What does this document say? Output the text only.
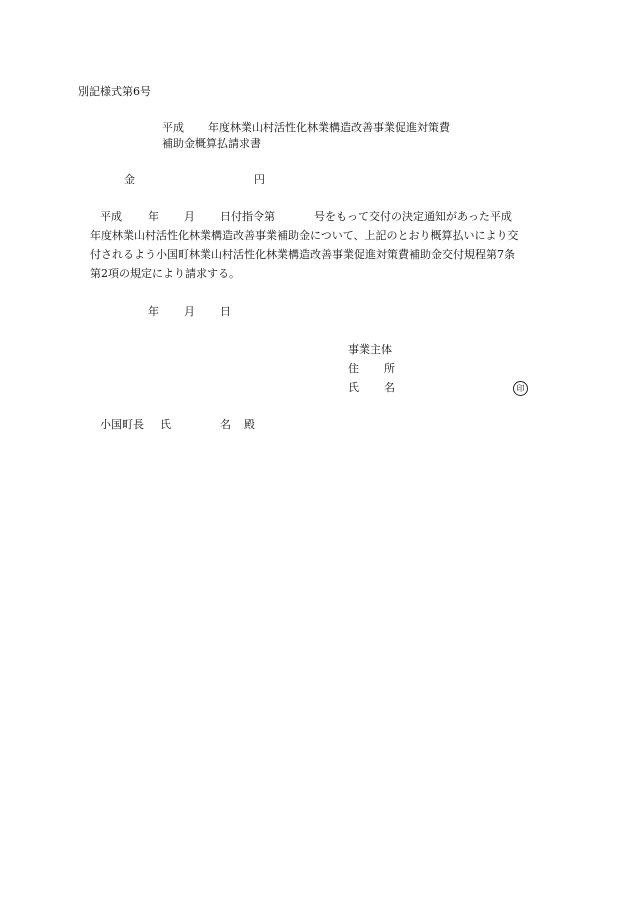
別記様式第6号
平成 年度林業山村活性化林業構造改善事業促進対策費
補助金概算払請求書
金	円
平成 年 月 日付指令第	号をもって交付の決定通知があった平成
年度林業山村活性化林業構造改善事業補助金について、上記のとおり概算払いにより交
付されるよう小国町林業山村活性化林業構造改善事業促進対策費補助金交付規程第7条
第2項の規定により請求する。
年 月 日
事業主体
住 所
氏 名	印
小国町長 氏	名 殿
